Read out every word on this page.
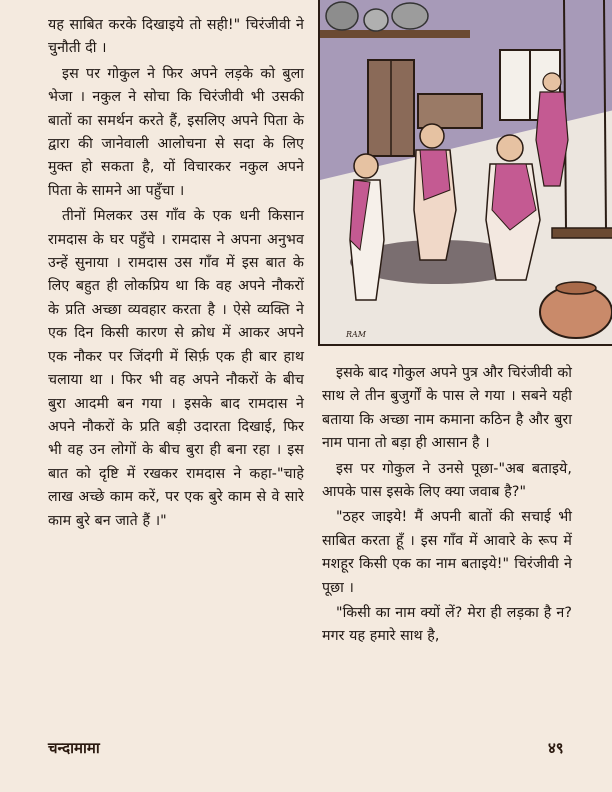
यह साबित करके दिखाइये तो सही!" चिरंजीवी ने चुनौती दी ।

इस पर गोकुल ने फिर अपने लड़के को बुला भेजा । नकुल ने सोचा कि चिरंजीवी भी उसकी बातों का समर्थन करते हैं, इसलिए अपने पिता के द्वारा की जानेवाली आलोचना से सदा के लिए मुक्त हो सकता है, यों विचारकर नकुल अपने पिता के सामने आ पहुँचा ।

तीनों मिलकर उस गाँव के एक धनी किसान रामदास के घर पहुँचे । रामदास ने अपना अनुभव उन्हें सुनाया । रामदास उस गाँव में इस बात के लिए बहुत ही लोकप्रिय था कि वह अपने नौकरों के प्रति अच्छा व्यवहार करता है । ऐसे व्यक्ति ने एक दिन किसी कारण से क्रोध में आकर अपने एक नौकर पर जिंदगी में सिर्फ़ एक ही बार हाथ चलाया था । फिर भी वह अपने नौकरों के बीच बुरा आदमी बन गया । इसके बाद रामदास ने अपने नौकरों के प्रति बड़ी उदारता दिखाई, फिर भी वह उन लोगों के बीच बुरा ही बना रहा । इस बात को दृष्टि में रखकर रामदास ने कहा-"चाहे लाख अच्छे काम करें, पर एक बुरे काम से वे सारे काम बुरे बन जाते हैं ।"

RAM

इसके बाद गोकुल अपने पुत्र और चिरंजीवी को साथ ले तीन बुजुर्गों के पास ले गया । सबने यही बताया कि अच्छा नाम कमाना कठिन है और बुरा नाम पाना तो बड़ा ही आसान है ।

इस पर गोकुल ने उनसे पूछा-"अब बताइये, आपके पास इसके लिए क्या जवाब है?"

"ठहर जाइये! मैं अपनी बातों की सचाई भी साबित करता हूँ । इस गाँव में आवारे के रूप में मशहूर किसी एक का नाम बताइये!" चिरंजीवी ने पूछा ।

"किसी का नाम क्यों लें? मेरा ही लड़का है न? मगर यह हमारे साथ है,

चन्दामामा	४९
